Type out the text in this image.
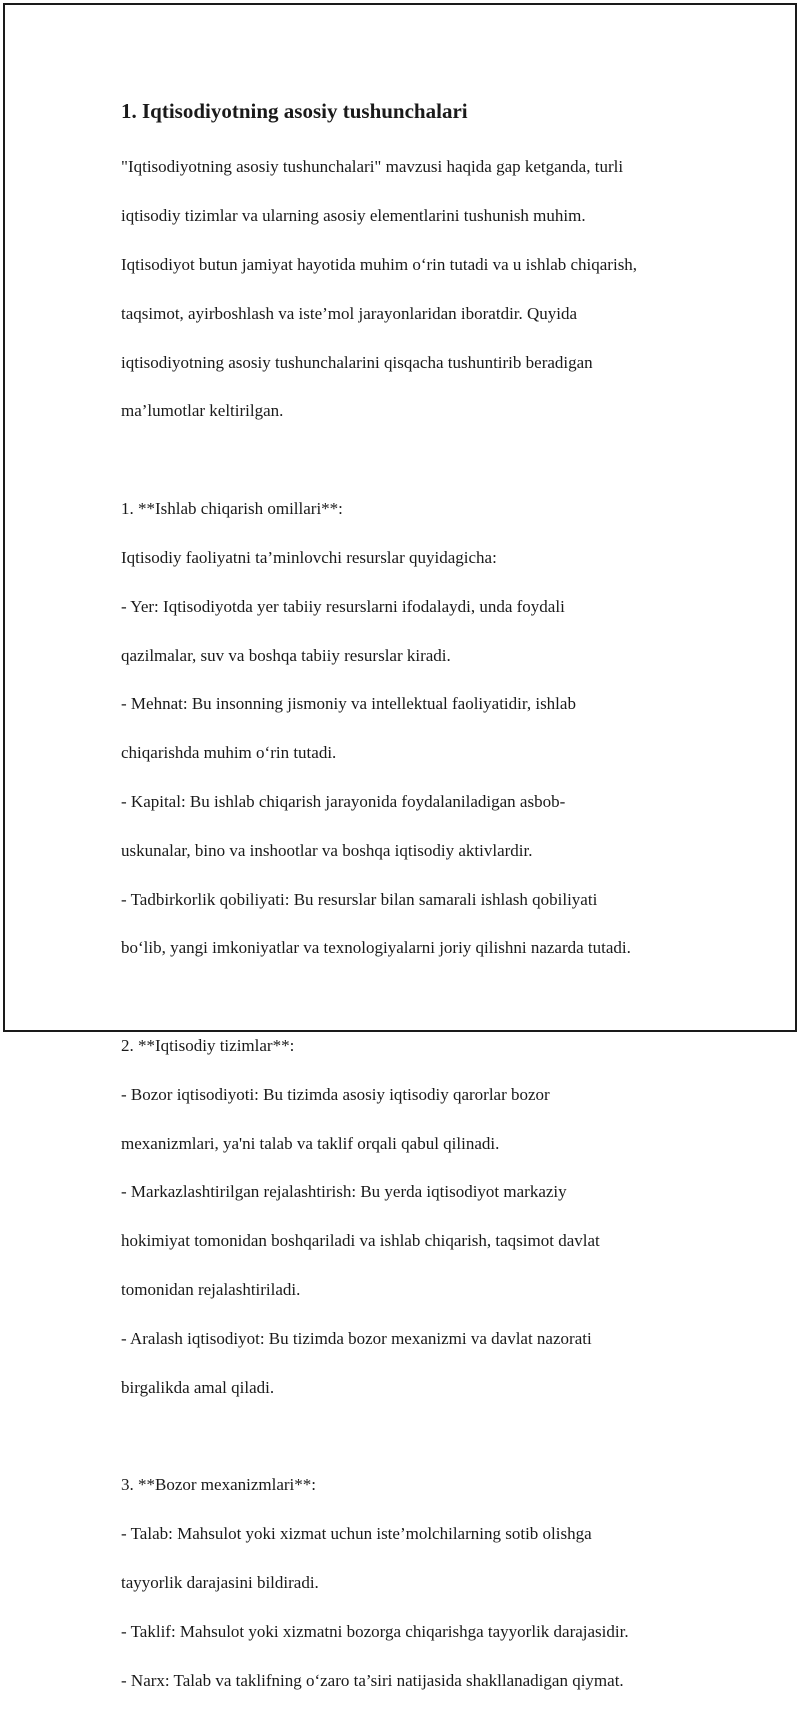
1. Iqtisodiyotning asosiy tushunchalari

"Iqtisodiyotning asosiy tushunchalari" mavzusi haqida gap ketganda, turli

iqtisodiy tizimlar va ularning asosiy elementlarini tushunish muhim.

Iqtisodiyot butun jamiyat hayotida muhim o‘rin tutadi va u ishlab chiqarish,

taqsimot, ayirboshlash va iste’mol jarayonlaridan iboratdir. Quyida

iqtisodiyotning asosiy tushunchalarini qisqacha tushuntirib beradigan

ma’lumotlar keltirilgan.

1. **Ishlab chiqarish omillari**:

Iqtisodiy faoliyatni ta’minlovchi resurslar quyidagicha:

- Yer: Iqtisodiyotda yer tabiiy resurslarni ifodalaydi, unda foydali

qazilmalar, suv va boshqa tabiiy resurslar kiradi.

- Mehnat: Bu insonning jismoniy va intellektual faoliyatidir, ishlab

chiqarishda muhim o‘rin tutadi.

- Kapital: Bu ishlab chiqarish jarayonida foydalaniladigan asbob-

uskunalar, bino va inshootlar va boshqa iqtisodiy aktivlardir.

- Tadbirkorlik qobiliyati: Bu resurslar bilan samarali ishlash qobiliyati

bo‘lib, yangi imkoniyatlar va texnologiyalarni joriy qilishni nazarda tutadi.

2. **Iqtisodiy tizimlar**:

- Bozor iqtisodiyoti: Bu tizimda asosiy iqtisodiy qarorlar bozor

mexanizmlari, ya'ni talab va taklif orqali qabul qilinadi.

- Markazlashtirilgan rejalashtirish: Bu yerda iqtisodiyot markaziy

hokimiyat tomonidan boshqariladi va ishlab chiqarish, taqsimot davlat

tomonidan rejalashtiriladi.

- Aralash iqtisodiyot: Bu tizimda bozor mexanizmi va davlat nazorati

birgalikda amal qiladi.

3. **Bozor mexanizmlari**:

- Talab: Mahsulot yoki xizmat uchun iste’molchilarning sotib olishga

tayyorlik darajasini bildiradi.

- Taklif: Mahsulot yoki xizmatni bozorga chiqarishga tayyorlik darajasidir.

- Narx: Talab va taklifning o‘zaro ta’siri natijasida shakllanadigan qiymat.
